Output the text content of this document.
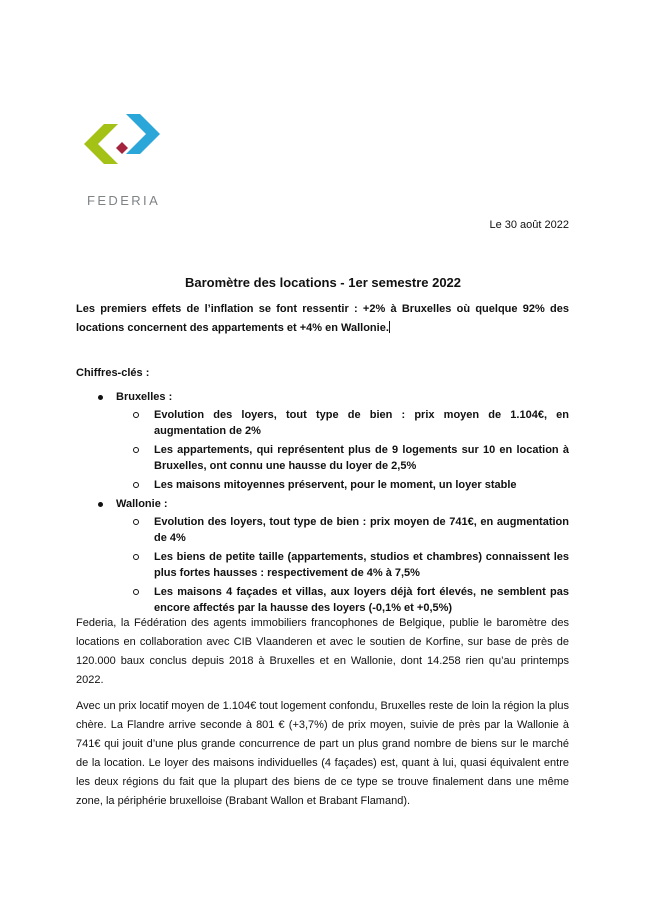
FEDERIA
Le 30 août 2022
Baromètre des locations - 1er semestre 2022

Les premiers effets de l’inflation se font ressentir : +2% à Bruxelles où quelque 92% des locations concernent des appartements et +4% en Wallonie.

Chiffres-clés :
Bruxelles :
Evolution des loyers, tout type de bien : prix moyen de 1.104€, en augmentation de 2%
Les appartements, qui représentent plus de 9 logements sur 10 en location à Bruxelles, ont connu une hausse du loyer de 2,5%
Les maisons mitoyennes préservent, pour le moment, un loyer stable
Wallonie :
Evolution des loyers, tout type de bien : prix moyen de 741€, en augmentation de 4%
Les biens de petite taille (appartements, studios et chambres) connaissent les plus fortes hausses : respectivement de 4% à 7,5%
Les maisons 4 façades et villas, aux loyers déjà fort élevés, ne semblent pas encore affectés par la hausse des loyers (-0,1% et +0,5%)

Federia, la Fédération des agents immobiliers francophones de Belgique, publie le baromètre des locations en collaboration avec CIB Vlaanderen et avec le soutien de Korfine, sur base de près de 120.000 baux conclus depuis 2018 à Bruxelles et en Wallonie, dont 14.258 rien qu’au printemps 2022.

Avec un prix locatif moyen de 1.104€ tout logement confondu, Bruxelles reste de loin la région la plus chère. La Flandre arrive seconde à 801 € (+3,7%) de prix moyen, suivie de près par la Wallonie à 741€ qui jouit d’une plus grande concurrence de part un plus grand nombre de biens sur le marché de la location. Le loyer des maisons individuelles (4 façades) est, quant à lui, quasi équivalent entre les deux régions du fait que la plupart des biens de ce type se trouve finalement dans une même zone, la périphérie bruxelloise (Brabant Wallon et Brabant Flamand).
